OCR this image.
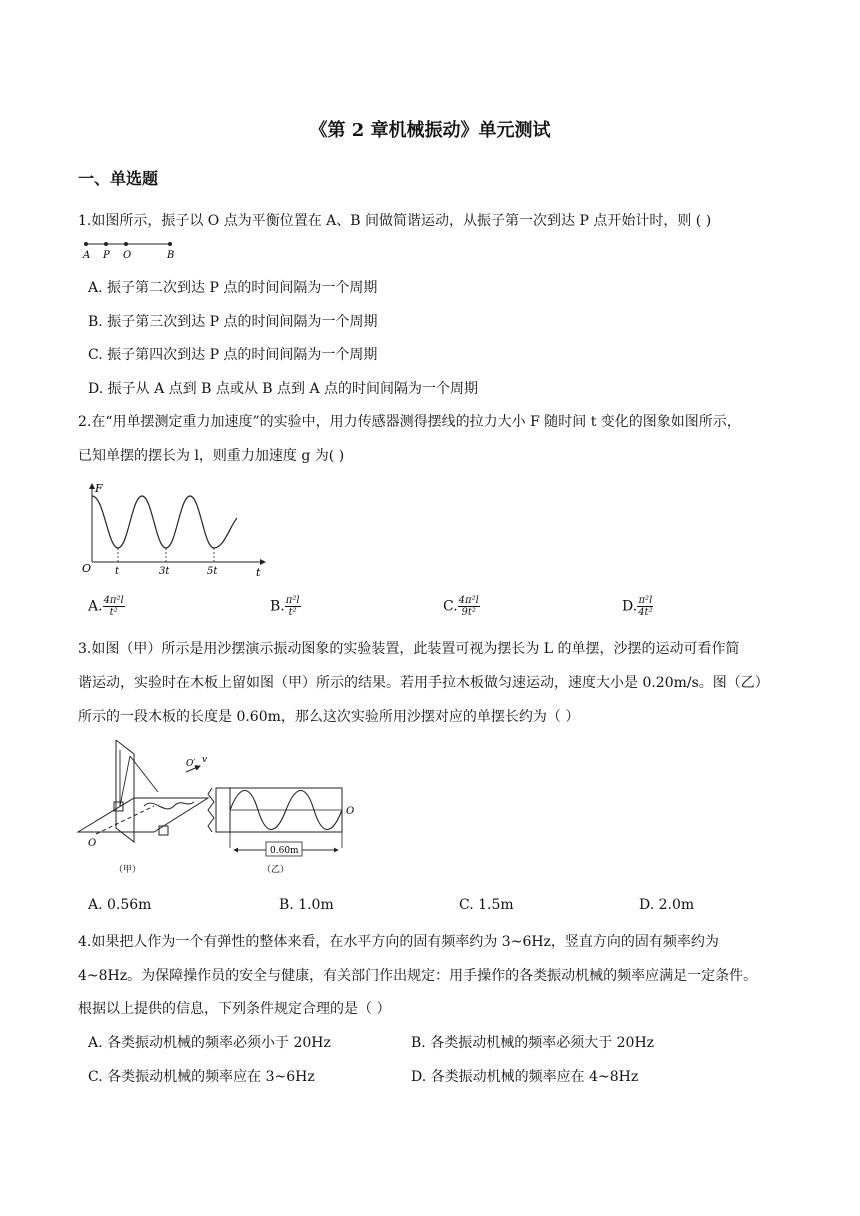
《第 2 章机械振动》单元测试
一、单选题
1.如图所示，振子以 O 点为平衡位置在 A、B 间做简谐运动，从振子第一次到达 P 点开始计时，则 ( )
A P O	B
A. 振子第二次到达 P 点的时间间隔为一个周期
B. 振子第三次到达 P 点的时间间隔为一个周期
C. 振子第四次到达 P 点的时间间隔为一个周期
D. 振子从 A 点到 B 点或从 B 点到 A 点的时间间隔为一个周期
2.在“用单摆测定重力加速度”的实验中，用力传感器测得摆线的拉力大小 F 随时间 t 变化的图象如图所示，
已知单摆的摆长为 l，则重力加速度 g 为( )
F
O t	3t	5t	t
A. $\frac{\text{4π²l}}{\text{t²}}$	B. $\frac{\text{π²l}}{\text{t²}}$	C. $\frac{\text{4π²l}}{\text{9t²}}$	D. $\frac{\text{π²l}}{\text{4t²}}$
3.如图（甲）所示是用沙摆演示振动图象的实验装置，此装置可视为摆长为 L 的单摆，沙摆的运动可看作简
谐运动，实验时在木板上留如图（甲）所示的结果。若用手拉木板做匀速运动，速度大小是 0.20m/s。图（乙）
所示的一段木板的长度是 0.60m，那么这次实验所用沙摆对应的单摆长约为（ ）
O′ v
O
（甲）
0.60m
O
（乙）
A. 0.56m	B. 1.0m	C. 1.5m	D. 2.0m
4.如果把人作为一个有弹性的整体来看，在水平方向的固有频率约为 3~6Hz，竖直方向的固有频率约为
4~8Hz。为保障操作员的安全与健康，有关部门作出规定：用手操作的各类振动机械的频率应满足一定条件。
根据以上提供的信息，下列条件规定合理的是（ ）
A. 各类振动机械的频率必须小于 20Hz	B. 各类振动机械的频率必须大于 20Hz
C. 各类振动机械的频率应在 3~6Hz	D. 各类振动机械的频率应在 4~8Hz
